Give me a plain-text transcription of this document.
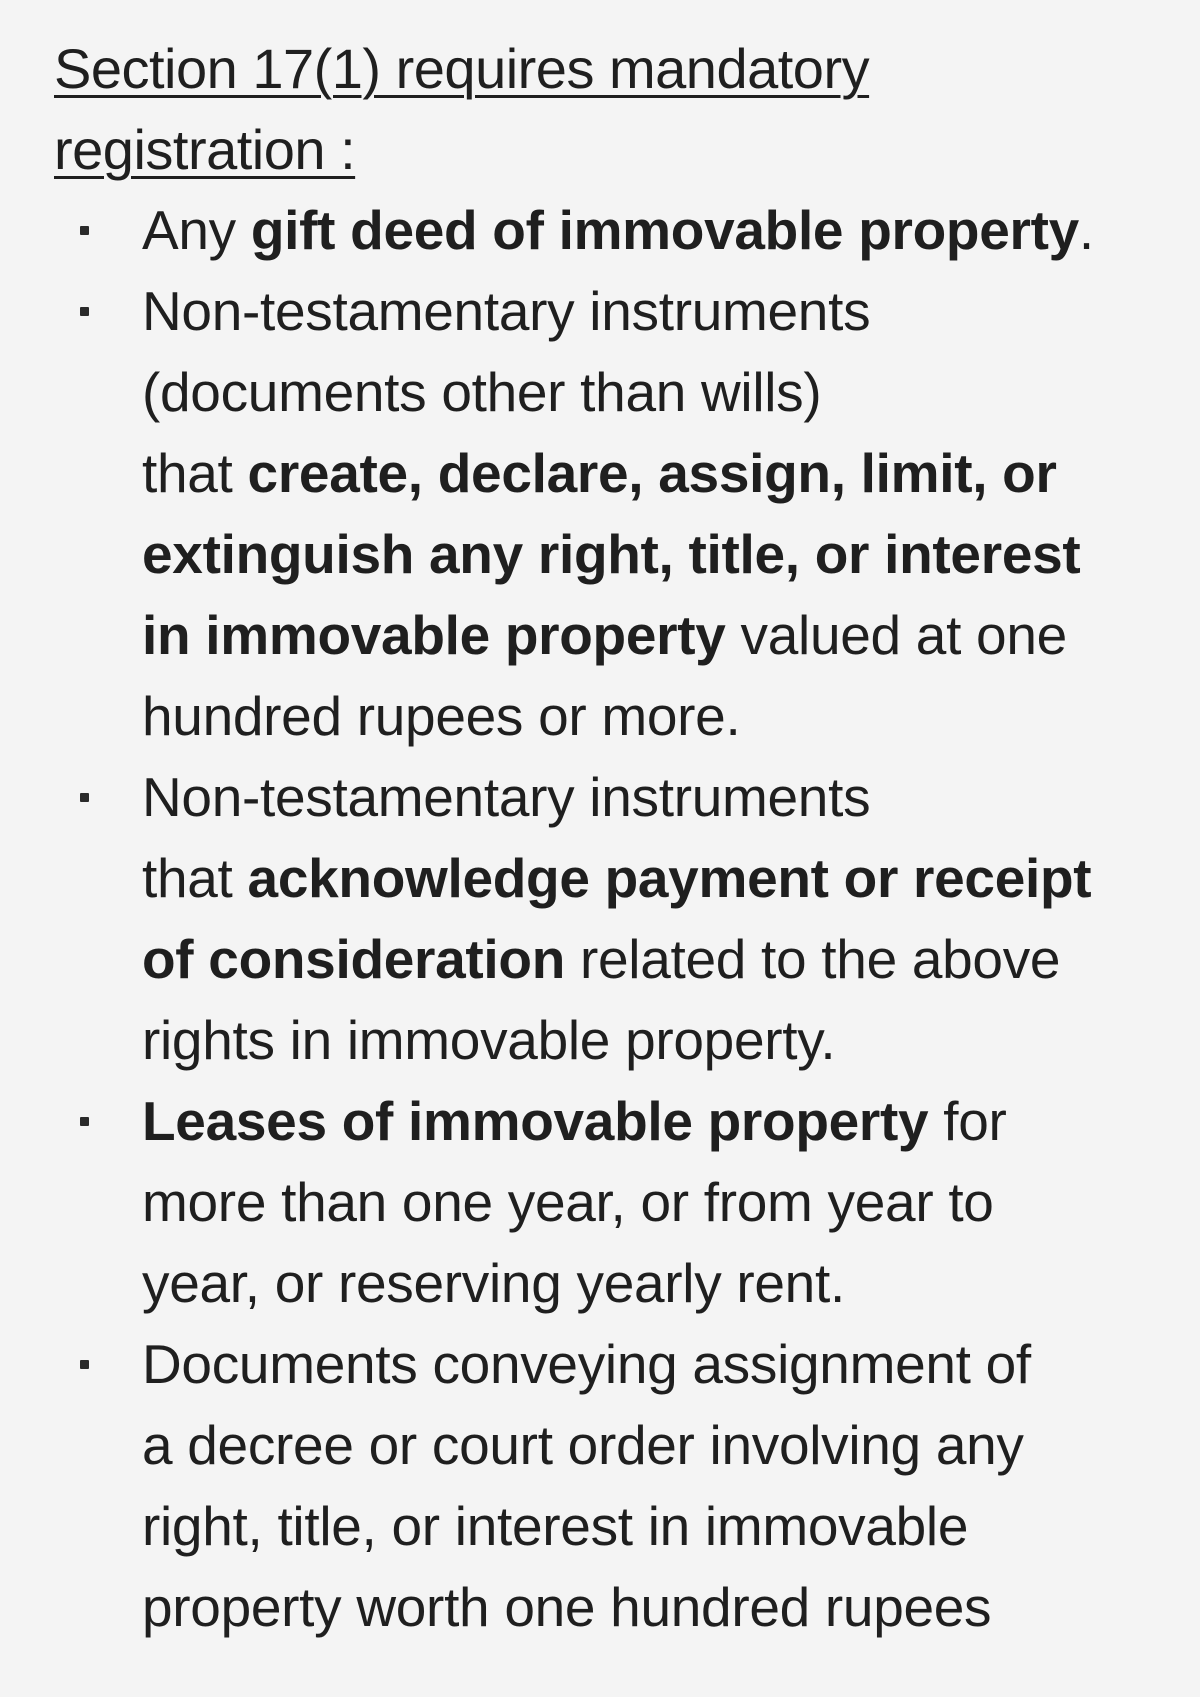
Section 17(1) requires mandatory
registration :
Any gift deed of immovable property.
Non-testamentary instruments
(documents other than wills)
that create, declare, assign, limit, or
extinguish any right, title, or interest
in immovable property valued at one
hundred rupees or more.
Non-testamentary instruments
that acknowledge payment or receipt
of consideration related to the above
rights in immovable property.
Leases of immovable property for
more than one year, or from year to
year, or reserving yearly rent.
Documents conveying assignment of
a decree or court order involving any
right, title, or interest in immovable
property worth one hundred rupees
